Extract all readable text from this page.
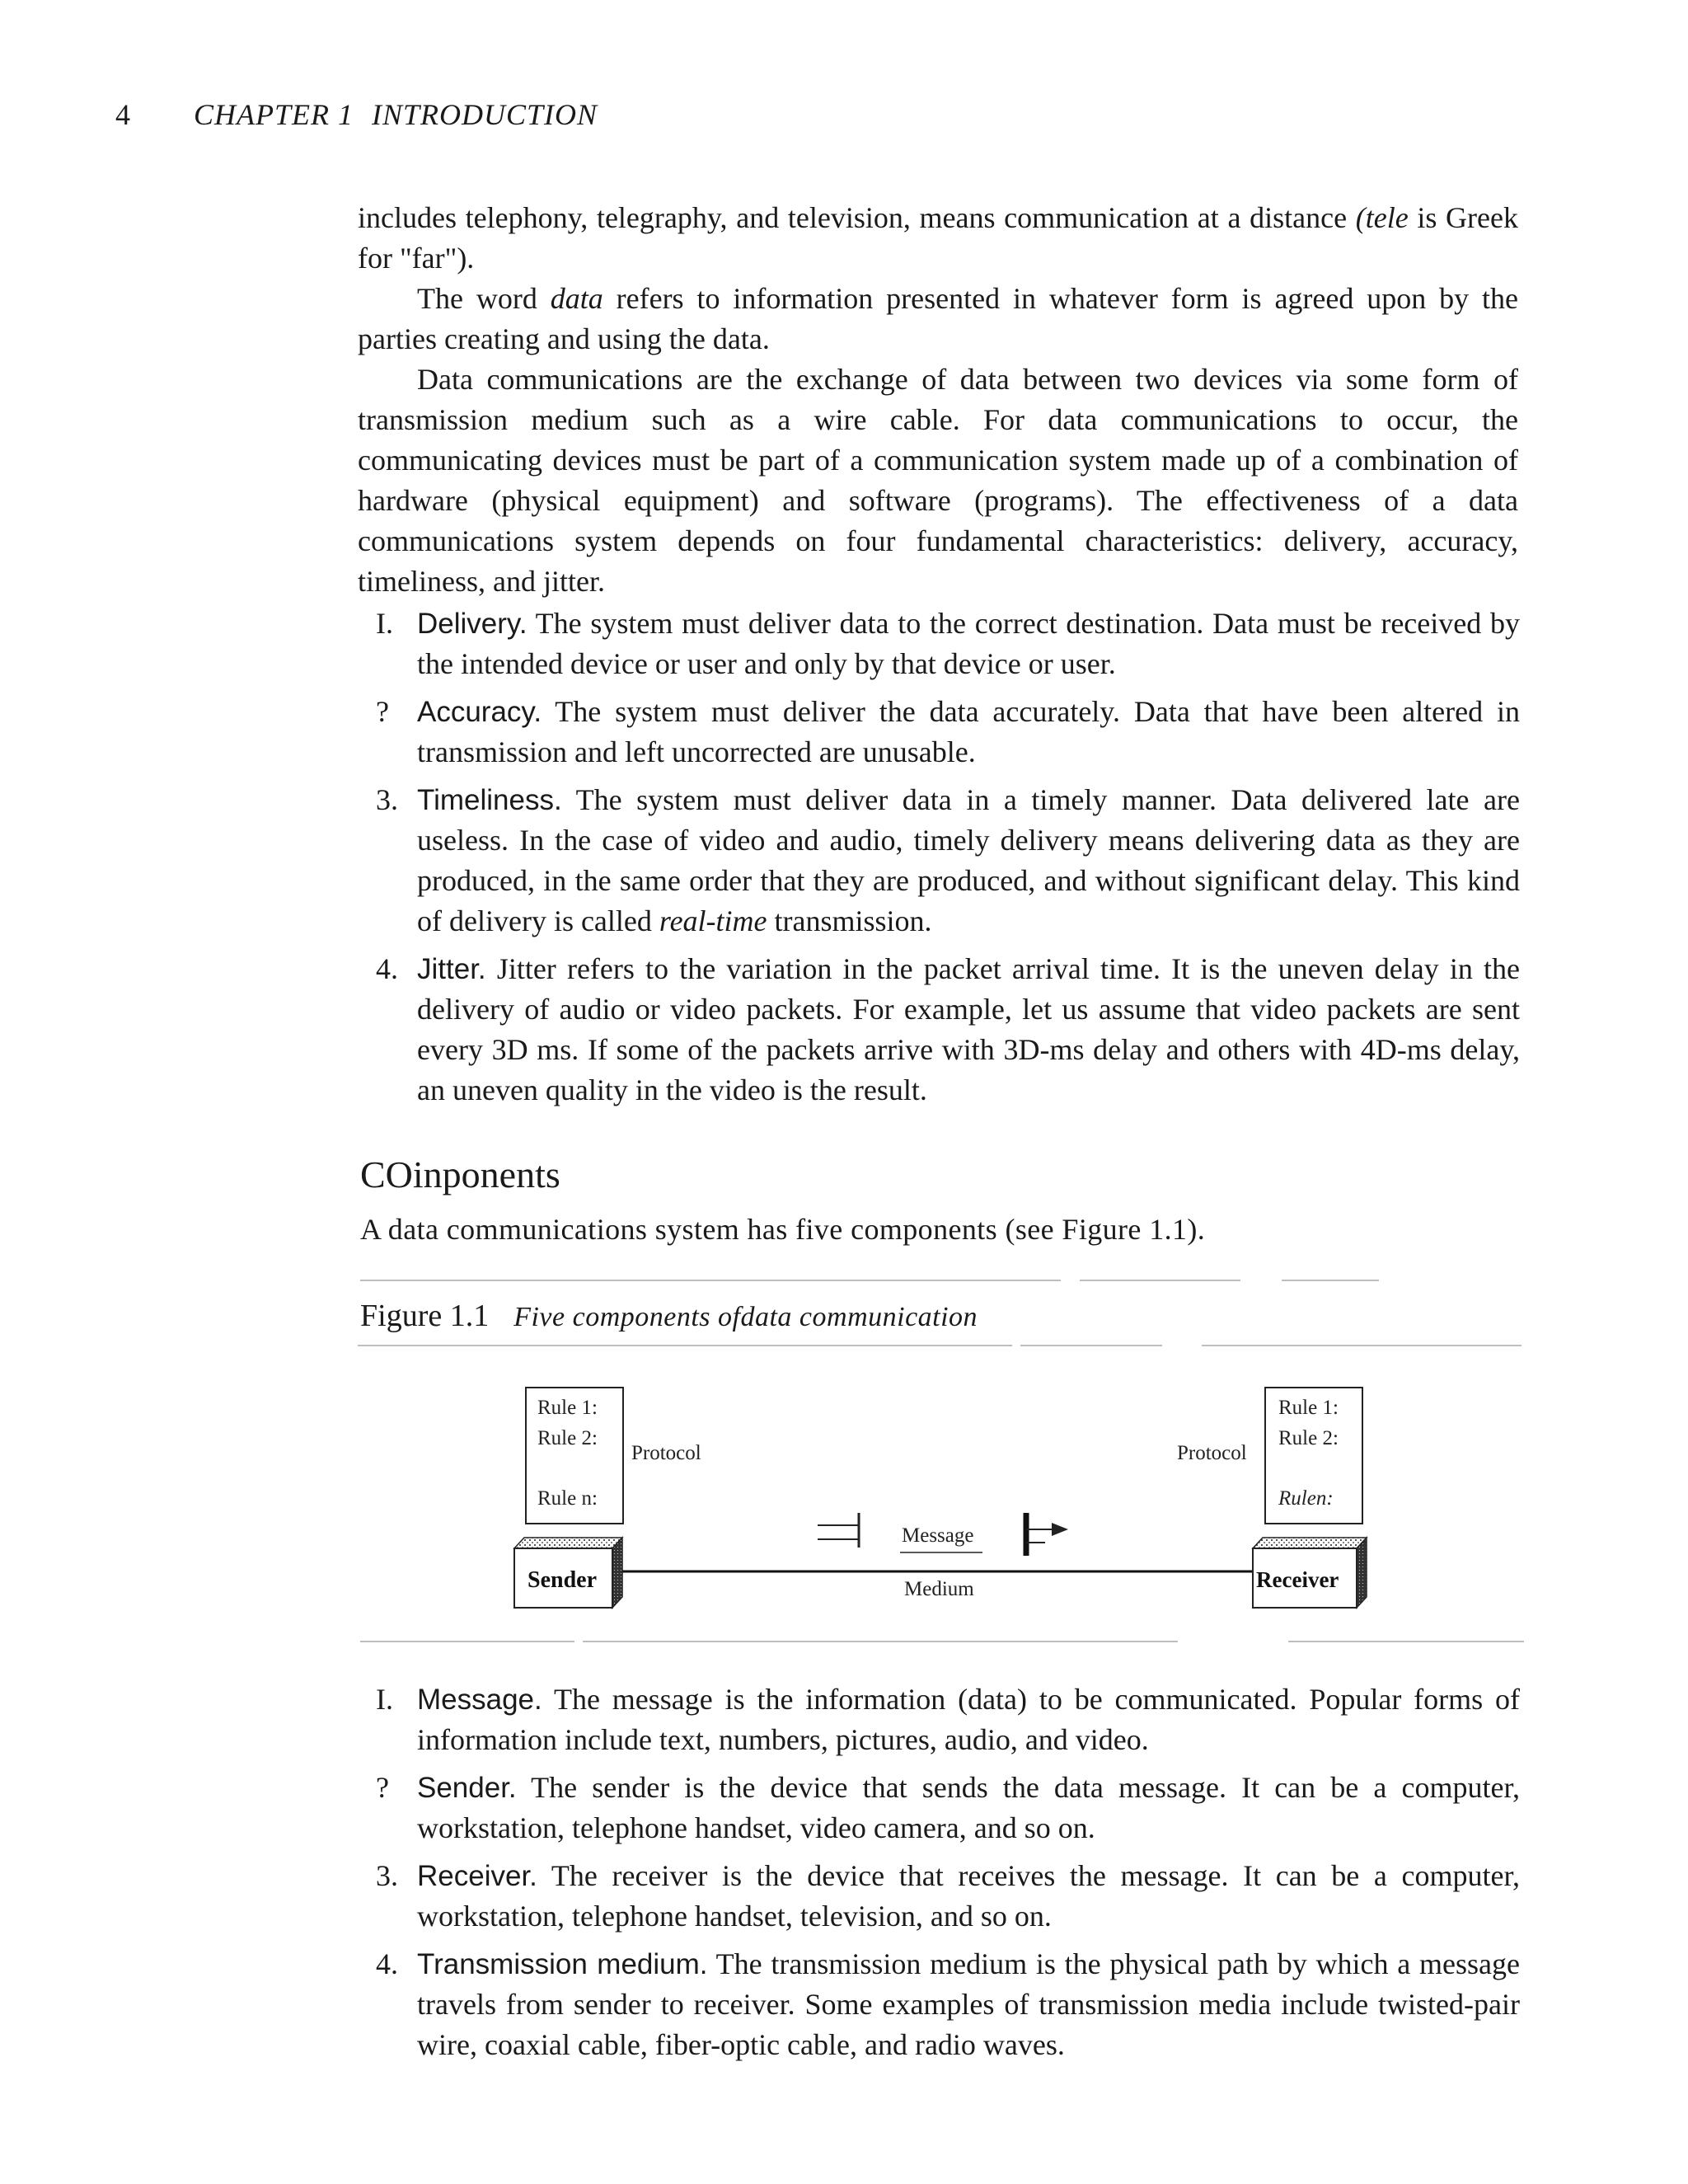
4 CHAPTER 1 INTRODUCTION

includes telephony, telegraphy, and television, means communication at a distance (tele is Greek for "far").

The word data refers to information presented in whatever form is agreed upon by the parties creating and using the data.

Data communications are the exchange of data between two devices via some form of transmission medium such as a wire cable. For data communications to occur, the communicating devices must be part of a communication system made up of a combination of hardware (physical equipment) and software (programs). The effectiveness of a data communications system depends on four fundamental characteristics: delivery, accuracy, timeliness, and jitter.

I. Delivery. The system must deliver data to the correct destination. Data must be received by the intended device or user and only by that device or user.
? Accuracy. The system must deliver the data accurately. Data that have been altered in transmission and left uncorrected are unusable.
3. Timeliness. The system must deliver data in a timely manner. Data delivered late are useless. In the case of video and audio, timely delivery means delivering data as they are produced, in the same order that they are produced, and without significant delay. This kind of delivery is called real-time transmission.
4. Jitter. Jitter refers to the variation in the packet arrival time. It is the uneven delay in the delivery of audio or video packets. For example, let us assume that video packets are sent every 3D ms. If some of the packets arrive with 3D-ms delay and others with 4D-ms delay, an uneven quality in the video is the result.
COinponents
A data communications system has five components (see Figure 1.1).
Figure 1.1 Five components ofdata communication
Rule 1:
Rule 2:
Rule n:
Protocol
Rule 1:
Rule 2:
Rulen:
Protocol
Message
Medium
Sender	Receiver
I. Message. The message is the information (data) to be communicated. Popular forms of information include text, numbers, pictures, audio, and video.
? Sender. The sender is the device that sends the data message. It can be a computer, workstation, telephone handset, video camera, and so on.
3. Receiver. The receiver is the device that receives the message. It can be a computer, workstation, telephone handset, television, and so on.
4. Transmission medium. The transmission medium is the physical path by which a message travels from sender to receiver. Some examples of transmission media include twisted-pair wire, coaxial cable, fiber-optic cable, and radio waves.
